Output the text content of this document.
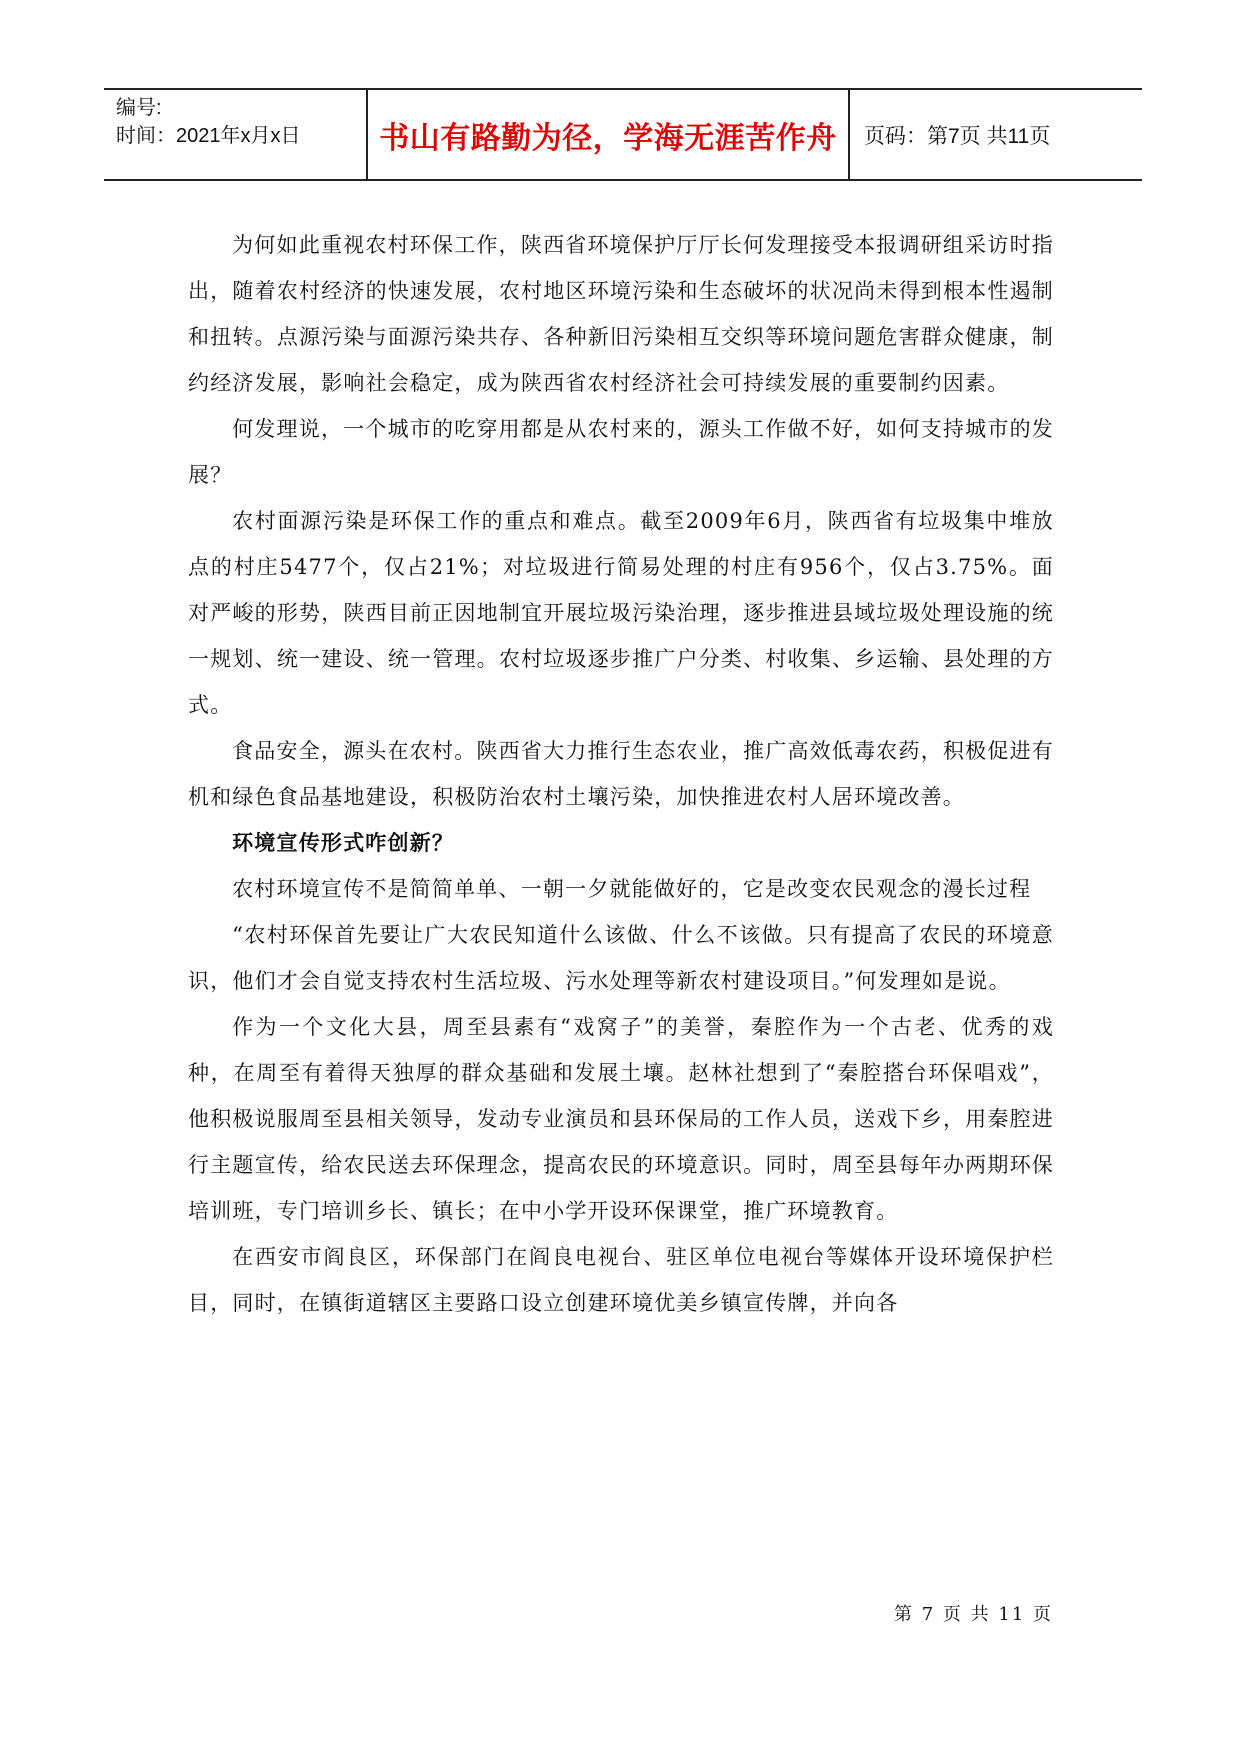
编号:
时间：2021年x月x日	书山有路勤为径，学海无涯苦作舟	页码：第7页 共11页

为何如此重视农村环保工作，陕西省环境保护厅厅长何发理接受本报调研组采访时指出，随着农村经济的快速发展，农村地区环境污染和生态破坏的状况尚未得到根本性遏制和扭转。点源污染与面源污染共存、各种新旧污染相互交织等环境问题危害群众健康，制约经济发展，影响社会稳定，成为陕西省农村经济社会可持续发展的重要制约因素。

何发理说，一个城市的吃穿用都是从农村来的，源头工作做不好，如何支持城市的发展？

农村面源污染是环保工作的重点和难点。截至2009年6月，陕西省有垃圾集中堆放点的村庄5477个，仅占21%；对垃圾进行简易处理的村庄有956个，仅占3.75%。面对严峻的形势，陕西目前正因地制宜开展垃圾污染治理，逐步推进县域垃圾处理设施的统一规划、统一建设、统一管理。农村垃圾逐步推广户分类、村收集、乡运输、县处理的方式。

食品安全，源头在农村。陕西省大力推行生态农业，推广高效低毒农药，积极促进有机和绿色食品基地建设，积极防治农村土壤污染，加快推进农村人居环境改善。

环境宣传形式咋创新？

农村环境宣传不是简简单单、一朝一夕就能做好的，它是改变农民观念的漫长过程

“农村环保首先要让广大农民知道什么该做、什么不该做。只有提高了农民的环境意识，他们才会自觉支持农村生活垃圾、污水处理等新农村建设项目。”何发理如是说。

作为一个文化大县，周至县素有“戏窝子”的美誉，秦腔作为一个古老、优秀的戏种，在周至有着得天独厚的群众基础和发展土壤。赵林社想到了“秦腔搭台环保唱戏”，他积极说服周至县相关领导，发动专业演员和县环保局的工作人员，送戏下乡，用秦腔进行主题宣传，给农民送去环保理念，提高农民的环境意识。同时，周至县每年办两期环保培训班，专门培训乡长、镇长；在中小学开设环保课堂，推广环境教育。

在西安市阎良区，环保部门在阎良电视台、驻区单位电视台等媒体开设环境保护栏目，同时，在镇街道辖区主要路口设立创建环境优美乡镇宣传牌，并向各

第 7 页 共 11 页
